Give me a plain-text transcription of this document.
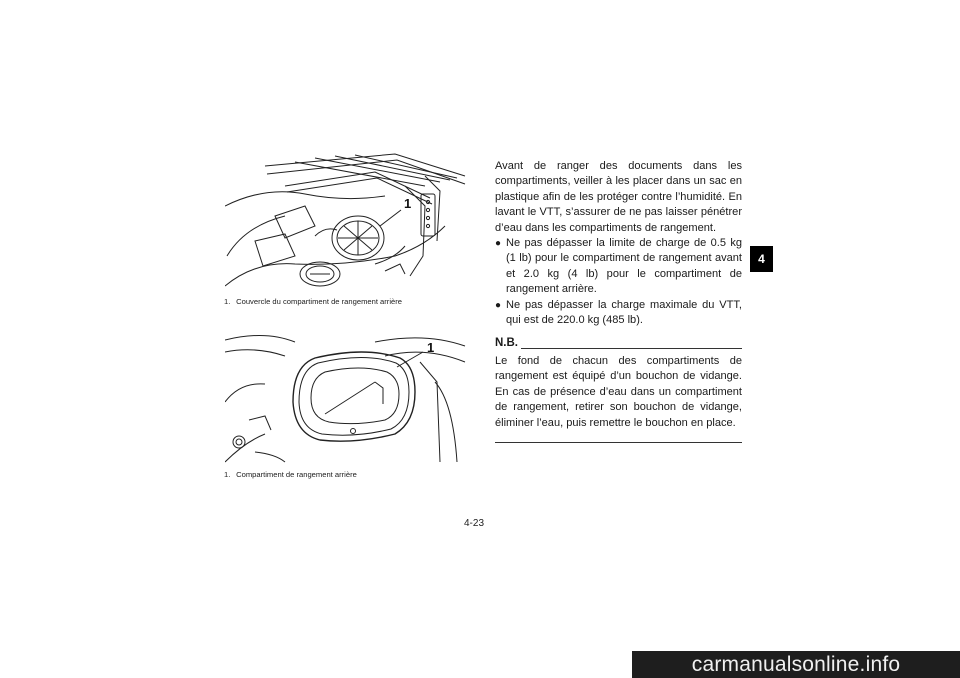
1
1. Couvercle du compartiment de rangement arrière
1
1. Compartiment de rangement arrière

Avant de ranger des documents dans les compartiments, veiller à les placer dans un sac en plastique afin de les protéger contre l’humidité. En lavant le VTT, s’assurer de ne pas laisser pénétrer d’eau dans les compartiments de rangement.

● Ne pas dépasser la limite de charge de 0.5 kg (1 lb) pour le compartiment de rangement avant et 2.0 kg (4 lb) pour le compartiment de rangement arrière.
● Ne pas dépasser la charge maximale du VTT, qui est de 220.0 kg (485 lb).
N.B.

Le fond de chacun des compartiments de rangement est équipé d’un bouchon de vidange. En cas de présence d’eau dans un compartiment de rangement, retirer son bouchon de vidange, éliminer l’eau, puis remettre le bouchon en place.

4
4-23
carmanualsonline.info
